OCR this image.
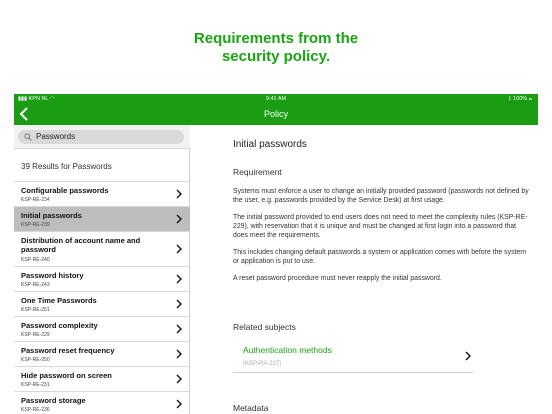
Requirements from the
security policy.
▮▮▮ KPN NL ◠	9:41 AM	ᛒ 100% ▭
Policy
Passwords
39 Results for Passwords
Configurable passwords
KSP-RE-234
Initial passwords
KSP-RE-239
Distribution of account name and password
KSP-RE-240
Password history
KSP-RE-243
One Time Passwords
KSP-RE-251
Password complexity
KSP-RE-229
Password reset frequency
KSP-RE-250
Hide password on screen
KSP-RE-231
Password storage
KSP-RE-236
Initial passwords
Requirement

Systems must enforce a user to change an initially provided password (passwords not defined by the user, e.g. passwords provided by the Service Desk) at first usage.

The initial password provided to end users does not need to meet the complexity rules (KSP-RE-229), with reservation that it is unique and must be changed at first login into a password that does meet the requirements.

This includes changing default passwords a system or application comes with before the system or application is put to use.

A reset password procedure must never reapply the initial password.

Related subjects
Authentication methods
(KSP-RA-227)
Metadata
